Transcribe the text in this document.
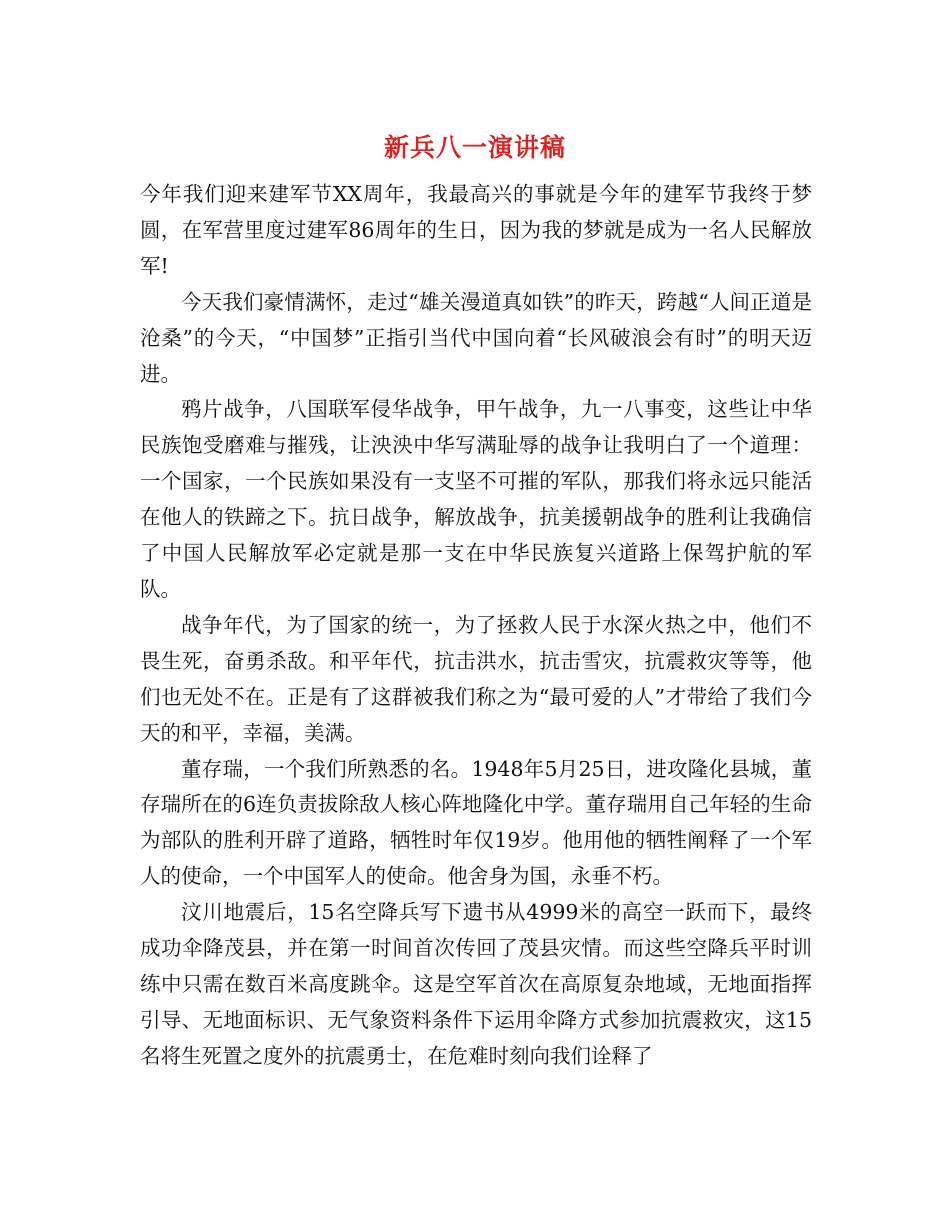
新兵八一演讲稿

今年我们迎来建军节XX周年，我最高兴的事就是今年的建军节我终于梦圆，在军营里度过建军86周年的生日，因为我的梦就是成为一名人民解放军!

今天我们豪情满怀，走过“雄关漫道真如铁”的昨天，跨越“人间正道是沧桑”的今天，“中国梦”正指引当代中国向着“长风破浪会有时”的明天迈进。

鸦片战争，八国联军侵华战争，甲午战争，九一八事变，这些让中华民族饱受磨难与摧残，让泱泱中华写满耻辱的战争让我明白了一个道理：一个国家，一个民族如果没有一支坚不可摧的军队，那我们将永远只能活在他人的铁蹄之下。抗日战争，解放战争，抗美援朝战争的胜利让我确信了中国人民解放军必定就是那一支在中华民族复兴道路上保驾护航的军队。

战争年代，为了国家的统一，为了拯救人民于水深火热之中，他们不畏生死，奋勇杀敌。和平年代，抗击洪水，抗击雪灾，抗震救灾等等，他们也无处不在。正是有了这群被我们称之为“最可爱的人”才带给了我们今天的和平，幸福，美满。

董存瑞，一个我们所熟悉的名。1948年5月25日，进攻隆化县城，董存瑞所在的6连负责拔除敌人核心阵地隆化中学。董存瑞用自己年轻的生命为部队的胜利开辟了道路，牺牲时年仅19岁。他用他的牺牲阐释了一个军人的使命，一个中国军人的使命。他舍身为国，永垂不朽。

汶川地震后，15名空降兵写下遗书从4999米的高空一跃而下，最终成功伞降茂县，并在第一时间首次传回了茂县灾情。而这些空降兵平时训练中只需在数百米高度跳伞。这是空军首次在高原复杂地域，无地面指挥引导、无地面标识、无气象资料条件下运用伞降方式参加抗震救灾，这15名将生死置之度外的抗震勇士，在危难时刻向我们诠释了
